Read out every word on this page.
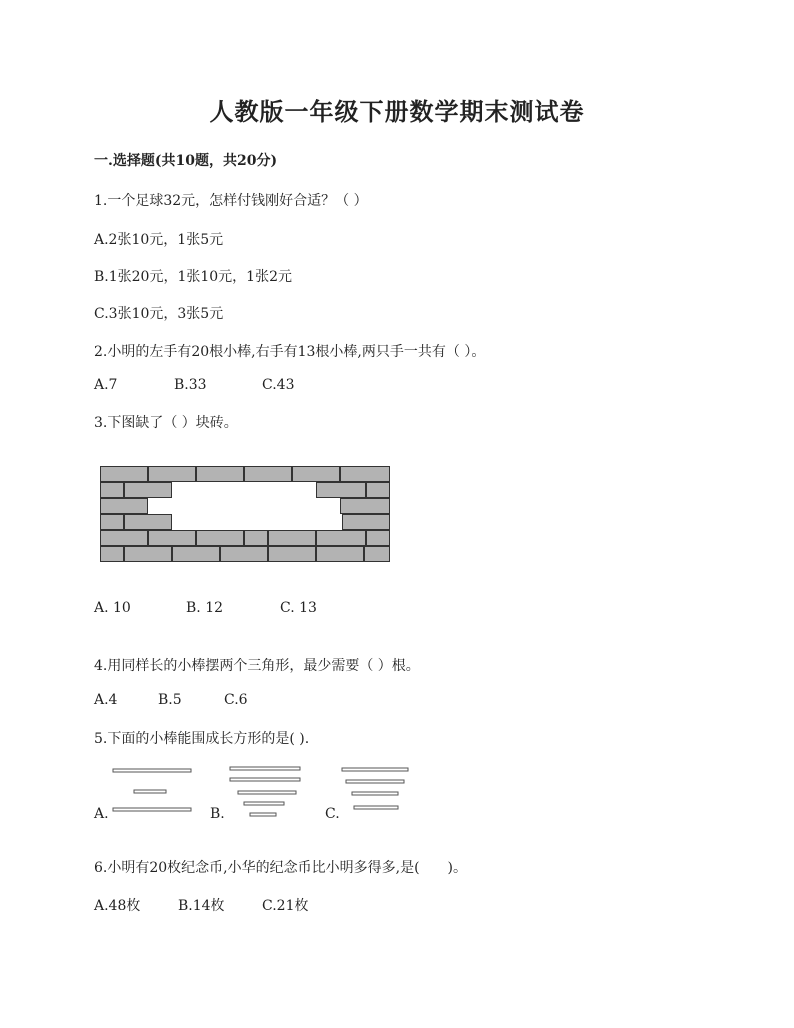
人教版一年级下册数学期末测试卷
一.选择题(共10题，共20分)
1.一个足球32元，怎样付钱刚好合适？（ ）
A.2张10元，1张5元
B.1张20元，1张10元，1张2元
C.3张10元，3张5元
2.小明的左手有20根小棒,右手有13根小棒,两只手一共有（ ）。
A.7	B.33	C.43
3.下图缺了（ ）块砖。
A. 10	B. 12	C. 13
4.用同样长的小棒摆两个三角形，最少需要（ ）根。
A.4	B.5	C.6
5.下面的小棒能围成长方形的是( ).
A.	B.	C.
6.小明有20枚纪念币,小华的纪念币比小明多得多,是(　　)。
A.48枚	B.14枚	C.21枚
